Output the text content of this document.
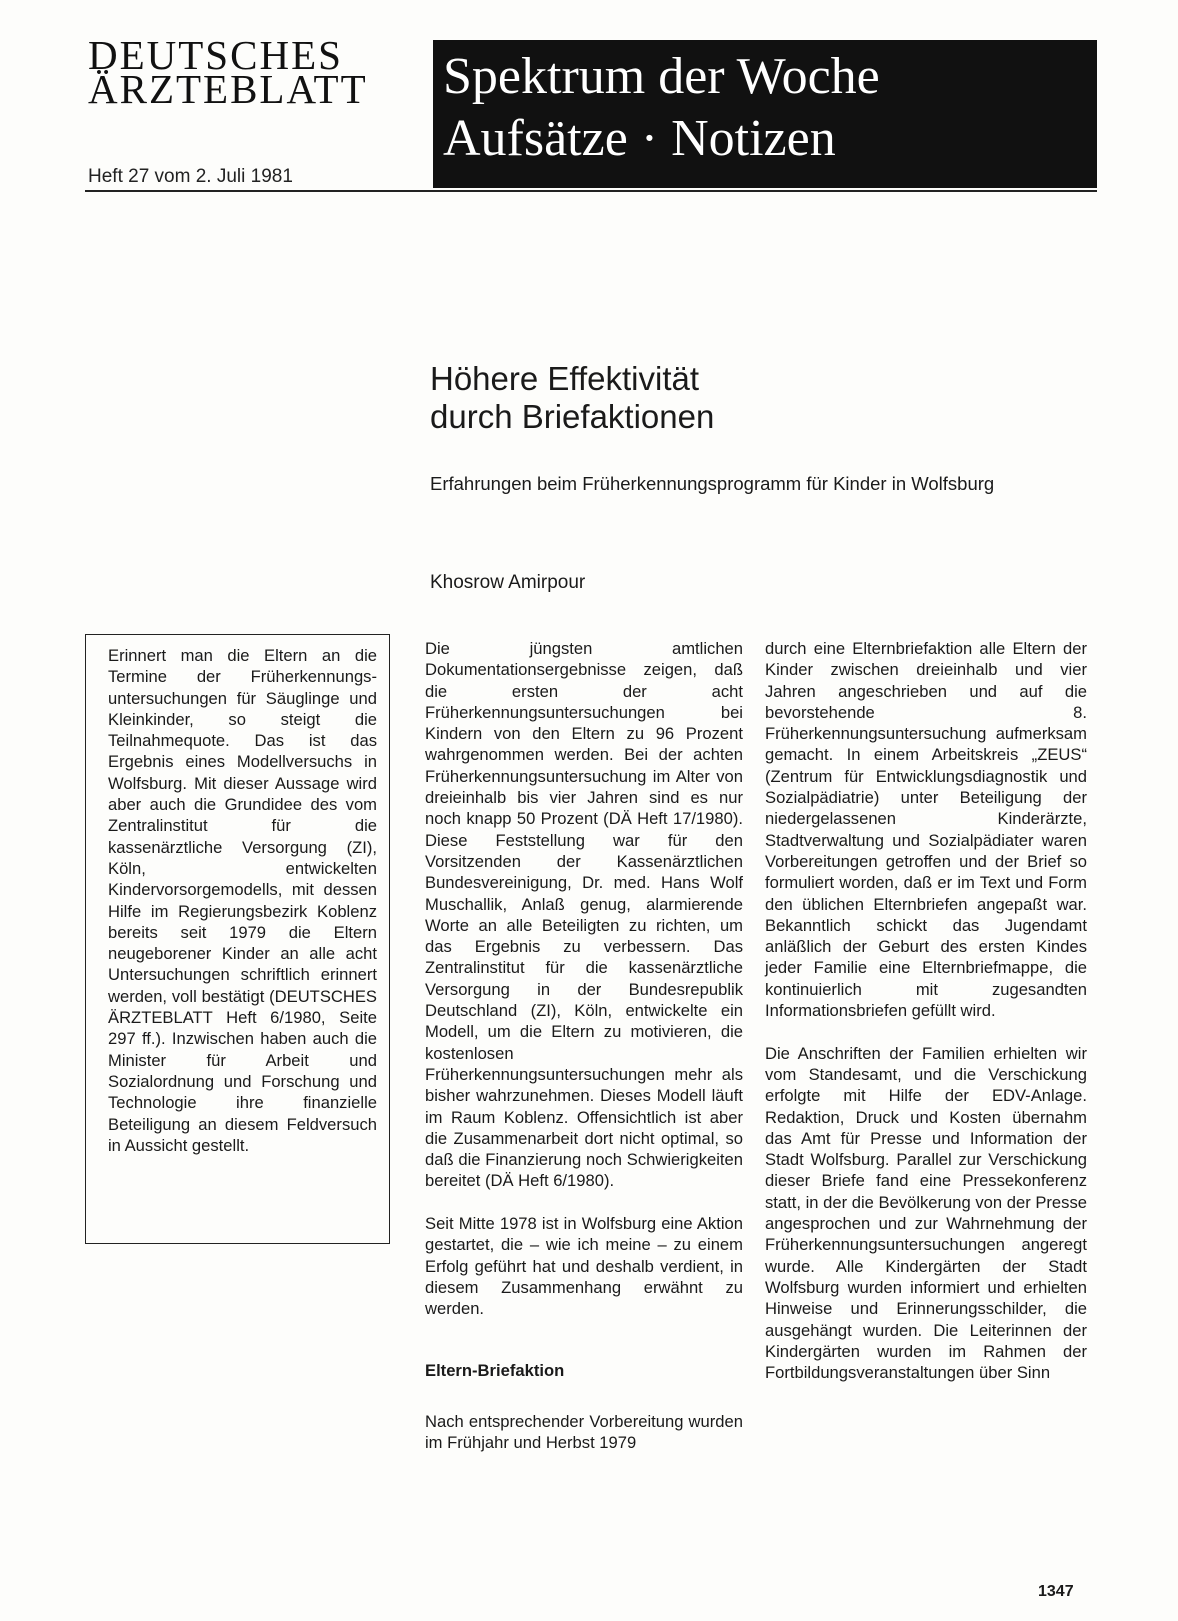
DEUTSCHES
ÄRZTEBLATT
Heft 27 vom 2. Juli 1981
Spektrum der Woche
Aufsätze · Notizen
Höhere Effektivität
durch Briefaktionen
Erfahrungen beim Früherkennungsprogramm für Kinder in Wolfsburg
Khosrow Amirpour

Erinnert man die Eltern an die Termine der Früherkennungs-untersuchungen für Säuglinge und Kleinkinder, so steigt die Teilnahmequote. Das ist das Ergebnis eines Modellversuchs in Wolfsburg. Mit dieser Aussage wird aber auch die Grundidee des vom Zentralinstitut für die kassenärztliche Versorgung (ZI), Köln, entwickelten Kindervorsorgemodells, mit dessen Hilfe im Regierungsbezirk Koblenz bereits seit 1979 die Eltern neugeborener Kinder an alle acht Untersuchungen schriftlich erinnert werden, voll bestätigt (DEUTSCHES ÄRZTEBLATT Heft 6/1980, Seite 297 ff.). Inzwischen haben auch die Minister für Arbeit und Sozialordnung und Forschung und Technologie ihre finanzielle Beteiligung an diesem Feldversuch in Aussicht gestellt.

Die jüngsten amtlichen Dokumentationsergebnisse zeigen, daß die ersten der acht Früherkennungsuntersuchungen bei Kindern von den Eltern zu 96 Prozent wahrgenommen werden. Bei der achten Früherkennungsuntersuchung im Alter von dreieinhalb bis vier Jahren sind es nur noch knapp 50 Prozent (DÄ Heft 17/1980). Diese Feststellung war für den Vorsitzenden der Kassenärztlichen Bundesvereinigung, Dr. med. Hans Wolf Muschallik, Anlaß genug, alarmierende Worte an alle Beteiligten zu richten, um das Ergebnis zu verbessern. Das Zentralinstitut für die kassenärztliche Versorgung in der Bundesrepublik Deutschland (ZI), Köln, entwickelte ein Modell, um die Eltern zu motivieren, die kostenlosen Früherkennungsuntersuchungen mehr als bisher wahrzunehmen. Dieses Modell läuft im Raum Koblenz. Offensichtlich ist aber die Zusammenarbeit dort nicht optimal, so daß die Finanzierung noch Schwierigkeiten bereitet (DÄ Heft 6/1980).

Seit Mitte 1978 ist in Wolfsburg eine Aktion gestartet, die – wie ich meine – zu einem Erfolg geführt hat und deshalb verdient, in diesem Zusammenhang erwähnt zu werden.

Eltern-Briefaktion

Nach entsprechender Vorbereitung wurden im Frühjahr und Herbst 1979

durch eine Elternbriefaktion alle Eltern der Kinder zwischen dreieinhalb und vier Jahren angeschrieben und auf die bevorstehende 8. Früherkennungsuntersuchung aufmerksam gemacht. In einem Arbeitskreis „ZEUS“ (Zentrum für Entwicklungsdiagnostik und Sozialpädiatrie) unter Beteiligung der niedergelassenen Kinderärzte, Stadtverwaltung und Sozialpädiater waren Vorbereitungen getroffen und der Brief so formuliert worden, daß er im Text und Form den üblichen Elternbriefen angepaßt war. Bekanntlich schickt das Jugendamt anläßlich der Geburt des ersten Kindes jeder Familie eine Elternbriefmappe, die kontinuierlich mit zugesandten Informationsbriefen gefüllt wird.

Die Anschriften der Familien erhielten wir vom Standesamt, und die Verschickung erfolgte mit Hilfe der EDV-Anlage. Redaktion, Druck und Kosten übernahm das Amt für Presse und Information der Stadt Wolfsburg. Parallel zur Verschickung dieser Briefe fand eine Pressekonferenz statt, in der die Bevölkerung von der Presse angesprochen und zur Wahrnehmung der Früherkennungsuntersuchungen angeregt wurde. Alle Kindergärten der Stadt Wolfsburg wurden informiert und erhielten Hinweise und Erinnerungsschilder, die ausgehängt wurden. Die Leiterinnen der Kindergärten wurden im Rahmen der Fortbildungsveranstaltungen über Sinn

1347
